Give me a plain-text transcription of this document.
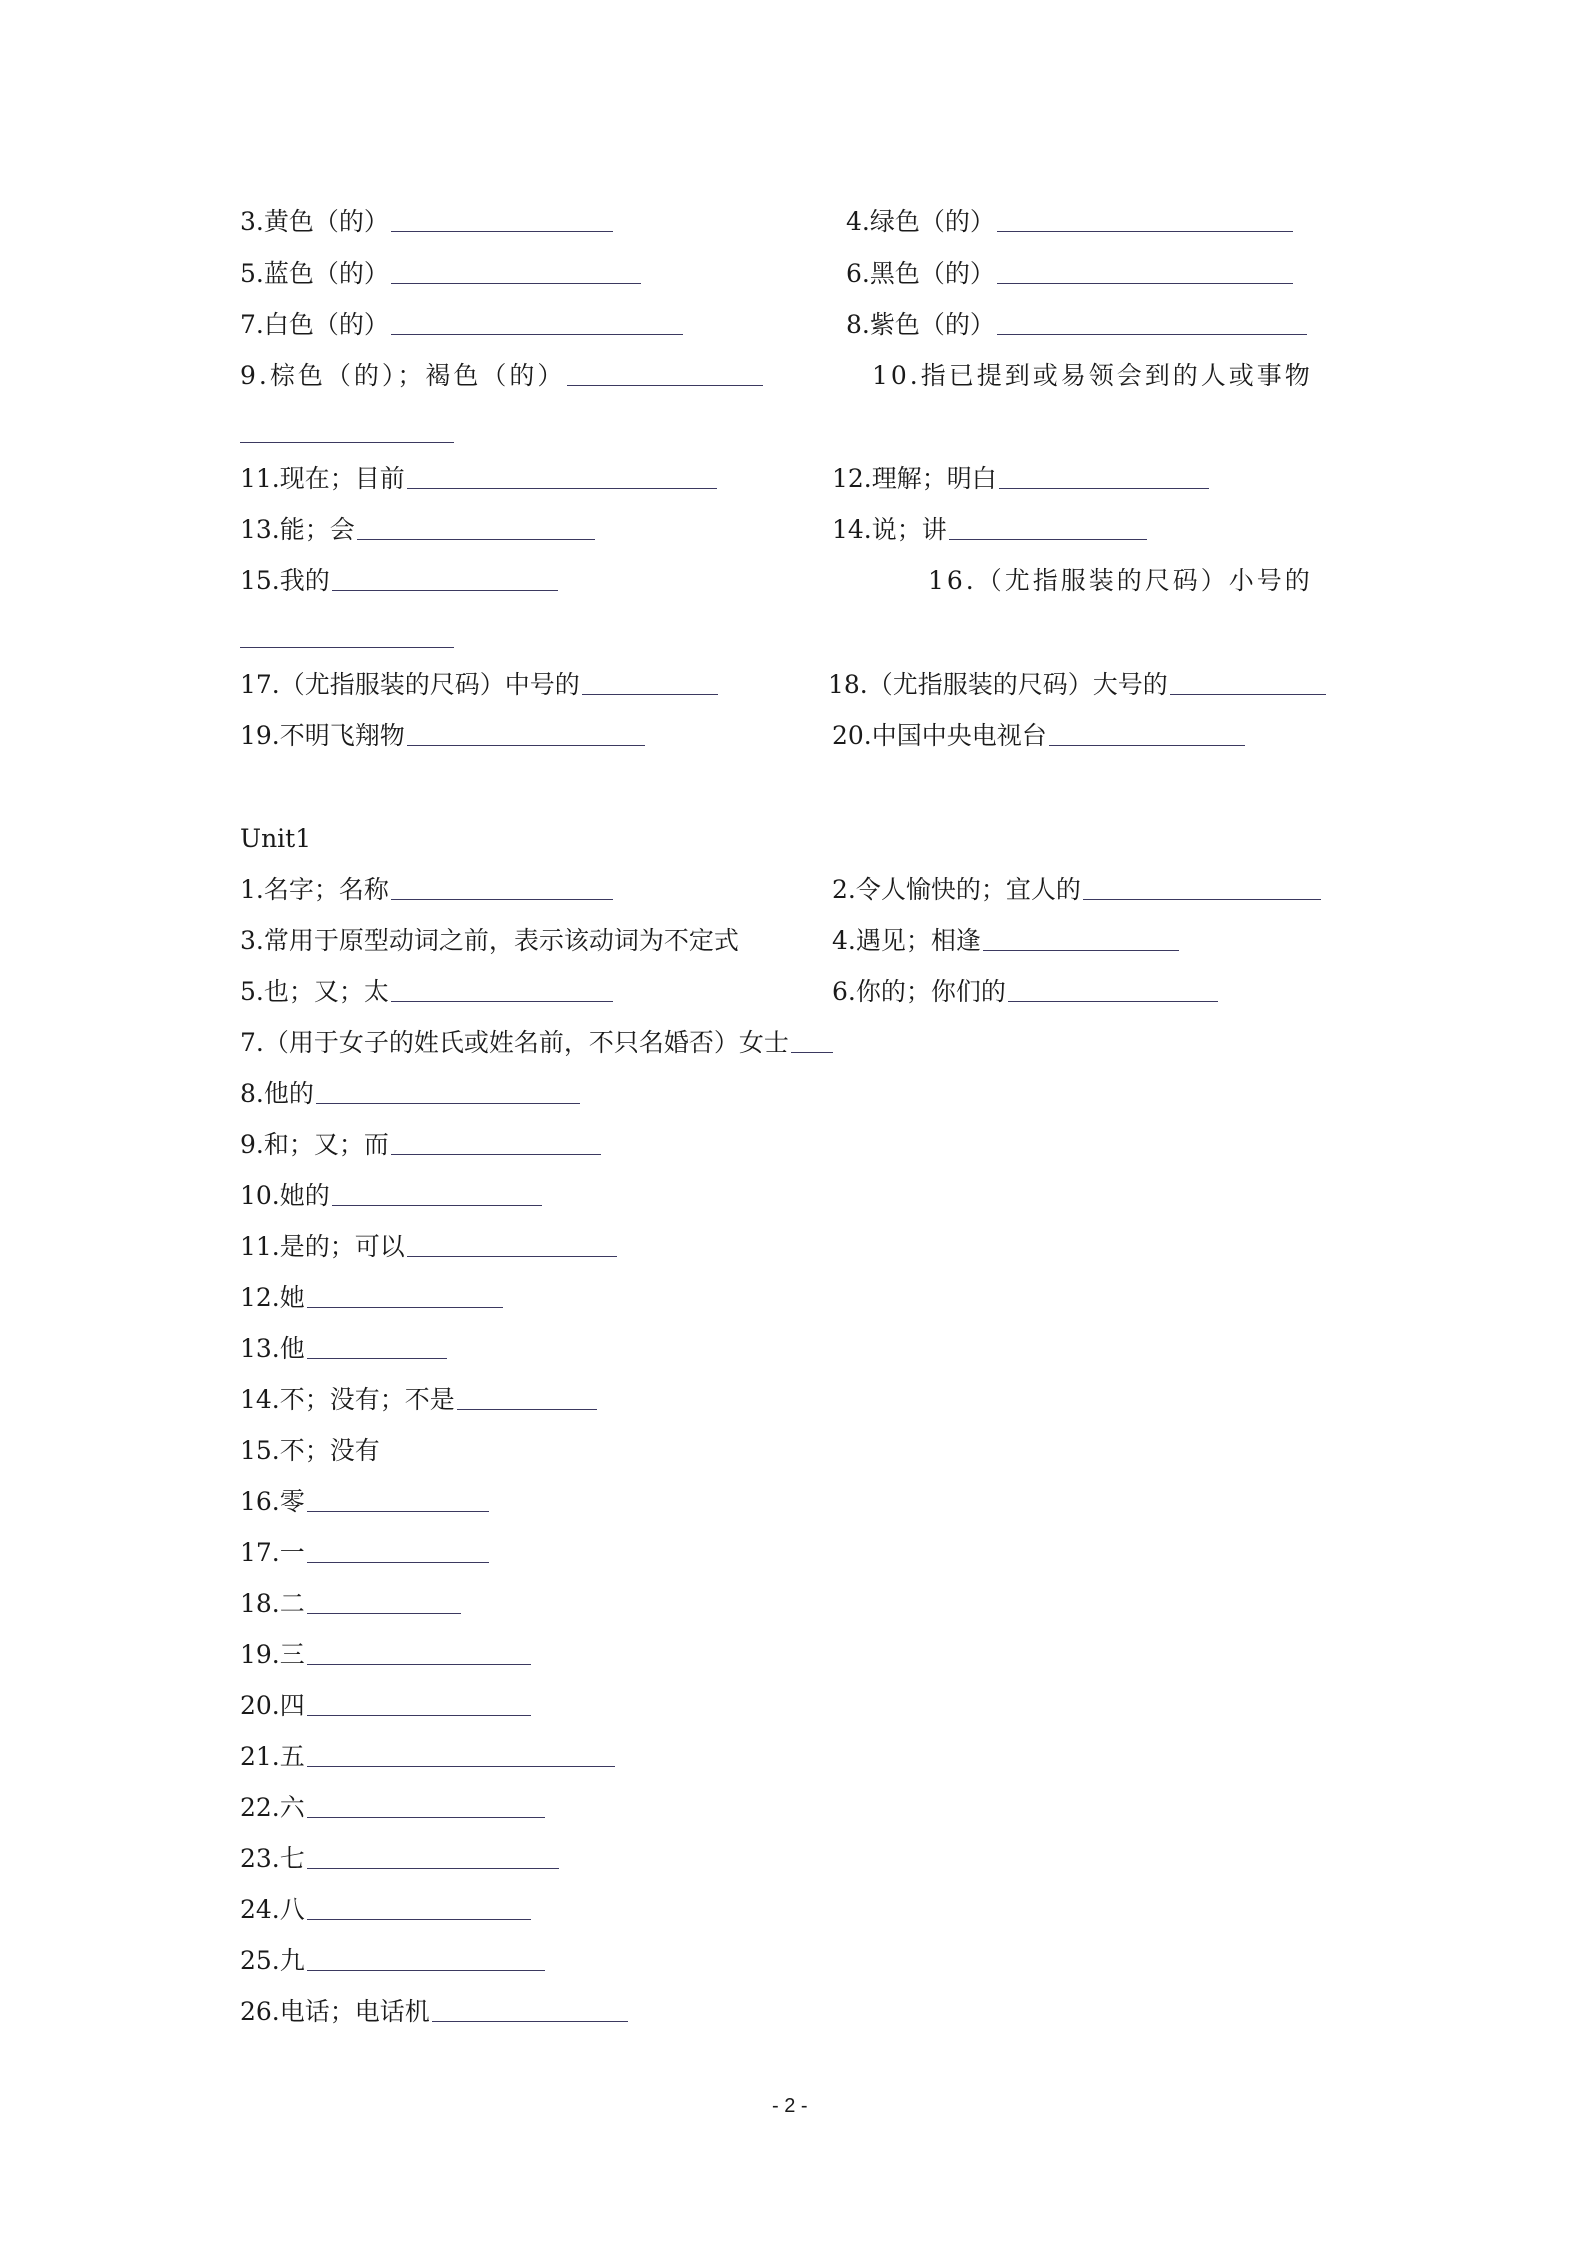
3.黄色（的）	4.绿色（的）
5.蓝色（的）	6.黑色（的）
7.白色（的）	8.紫色（的）
9.棕色（的）；褐色（的）	10.指已提到或易领会到的人或事物
11.现在；目前	12.理解；明白
13.能；会	14.说；讲
15.我的	16.（尤指服装的尺码）小号的
17.（尤指服装的尺码）中号的	18.（尤指服装的尺码）大号的
19.不明飞翔物	20.中国中央电视台
Unit1
1.名字；名称	2.令人愉快的；宜人的
3.常用于原型动词之前，表示该动词为不定式	4.遇见；相逢
5.也；又；太	6.你的；你们的
7.（用于女子的姓氏或姓名前，不只名婚否）女士
8.他的
9.和；又；而
10.她的
11.是的；可以
12.她
13.他
14.不；没有；不是
15.不；没有
16.零
17.一
18.二
19.三
20.四
21.五
22.六
23.七
24.八
25.九
26.电话；电话机
- 2 -
